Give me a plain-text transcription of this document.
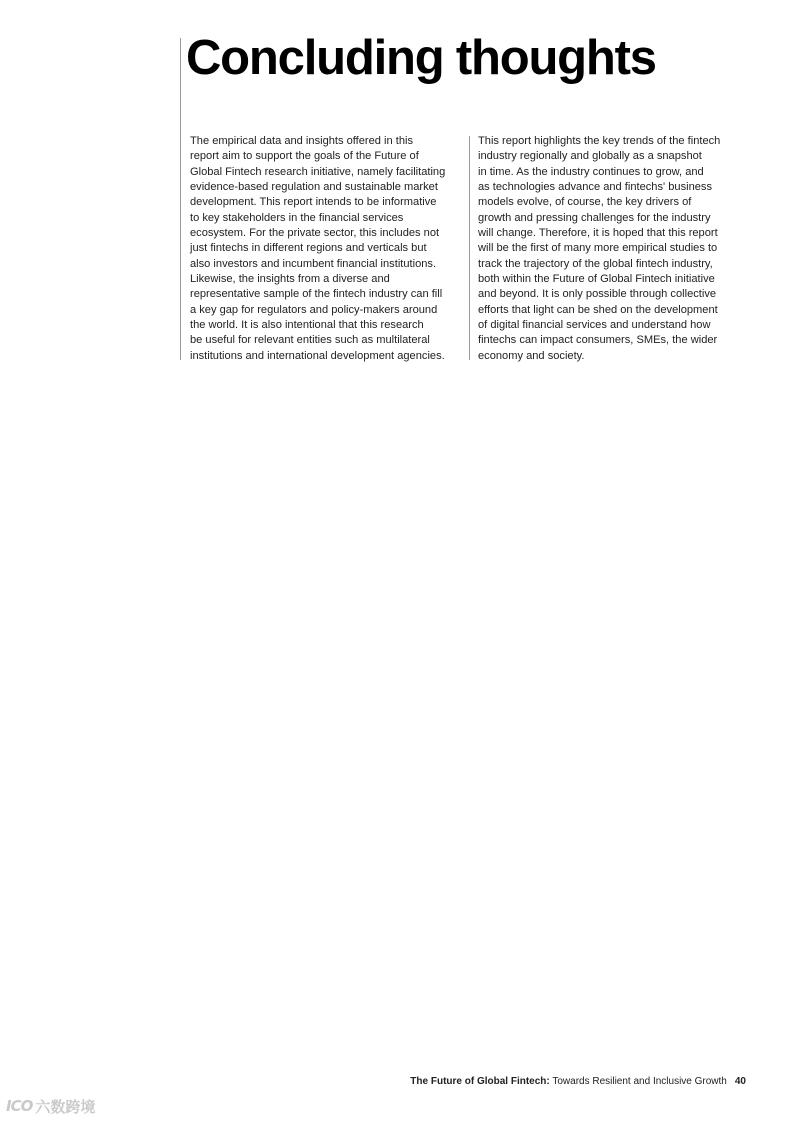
Concluding thoughts

The empirical data and insights offered in this
report aim to support the goals of the Future of
Global Fintech research initiative, namely facilitating
evidence-based regulation and sustainable market
development. This report intends to be informative
to key stakeholders in the financial services
ecosystem. For the private sector, this includes not
just fintechs in different regions and verticals but
also investors and incumbent financial institutions.
Likewise, the insights from a diverse and
representative sample of the fintech industry can fill
a key gap for regulators and policy-makers around
the world. It is also intentional that this research
be useful for relevant entities such as multilateral
institutions and international development agencies.

This report highlights the key trends of the fintech
industry regionally and globally as a snapshot
in time. As the industry continues to grow, and
as technologies advance and fintechs' business
models evolve, of course, the key drivers of
growth and pressing challenges for the industry
will change. Therefore, it is hoped that this report
will be the first of many more empirical studies to
track the trajectory of the global fintech industry,
both within the Future of Global Fintech initiative
and beyond. It is only possible through collective
efforts that light can be shed on the development
of digital financial services and understand how
fintechs can impact consumers, SMEs, the wider
economy and society.

The Future of Global Fintech: Towards Resilient and Inclusive Growth 40
ICO 六数跨境
